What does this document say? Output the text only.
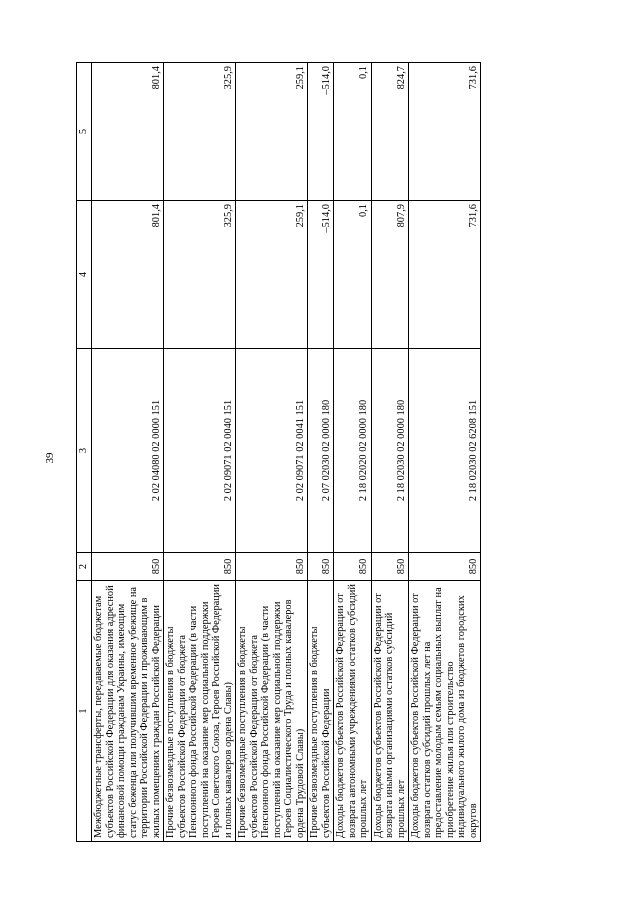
39
1	2	3	4	5
Межбюджетные трансферты, передаваемые бюджетам субъектов Российской Федерации для оказания адресной финансовой помощи гражданам Украины, имеющим статус беженца или получившим временное убежище на территории Российской Федерации и проживающим в жилых помещениях граждан Российской Федерации	850	2 02 04080 02 0000 151	801,4	801,4
Прочие безвозмездные поступления в бюджеты субъектов Российской Федерации от бюджета Пенсионного фонда Российской Федерации (в части поступлений на оказание мер социальной поддержки Героев Советского Союза, Героев Российской Федерации и полных кавалеров ордена Славы)	850	2 02 09071 02 0040 151	325,9	325,9
Прочие безвозмездные поступления в бюджеты субъектов Российской Федерации от бюджета Пенсионного фонда Российской Федерации (в части поступлений на оказание мер социальной поддержки Героев Социалистического Труда и полных кавалеров ордена Трудовой Славы)	850	2 02 09071 02 0041 151	259,1	259,1
Прочие безвозмездные поступления в бюджеты субъектов Российской Федерации	850	2 07 02030 02 0000 180	–514,0	–514,0
Доходы бюджетов субъектов Российской Федерации от возврата автономными учреждениями остатков субсидий прошлых лет	850	2 18 02020 02 0000 180	0,1	0,1
Доходы бюджетов субъектов Российской Федерации от возврата иными организациями остатков субсидий прошлых лет	850	2 18 02030 02 0000 180	807,9	824,7
Доходы бюджетов субъектов Российской Федерации от возврата остатков субсидий прошлых лет на предоставление молодым семьям социальных выплат на приобретение жилья или строительство индивидуального жилого дома из бюджетов городских округов	850	2 18 02030 02 6208 151	731,6	731,6
